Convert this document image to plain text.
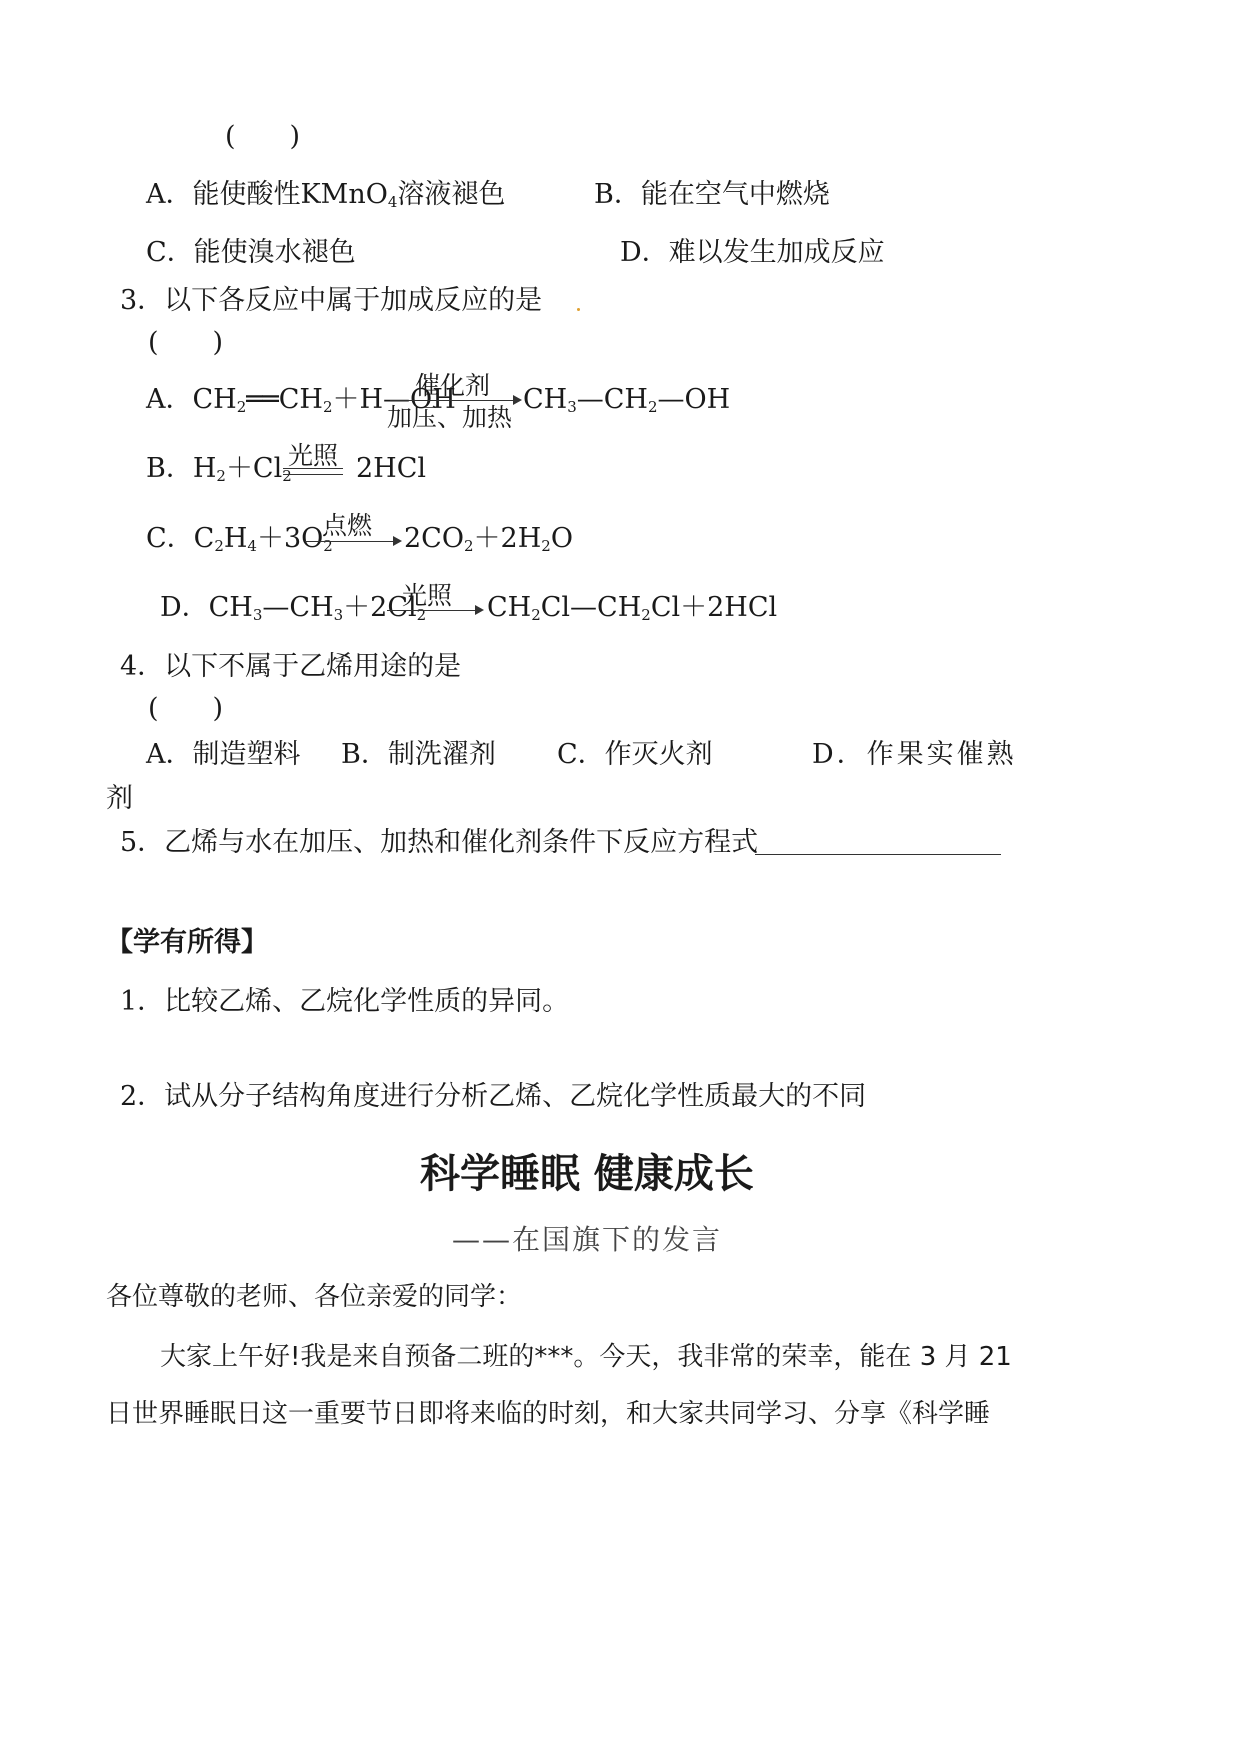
(　　)
A．能使酸性KMnO$_4$溶液褪色	B．能在空气中燃烧
C．能使溴水褪色	D．难以发生加成反应
3．以下各反应中属于加成反应的是
(　　)
A．$CH_2══CH_2+H—OH$
催化剂
加压、加热
$CH_3—CH_2—OH$
B．$H_2+Cl_2$
光照 2HCl
C．$C_2H_4+3O_2$
点燃 $2CO_2+2H_2O$
D．$CH_3—CH_3+2Cl_2$
光照 $CH_2Cl—CH_2Cl+2HCl$
4．以下不属于乙烯用途的是
(　　)
A．制造塑料 B．制洗濯剂 C．作灭火剂	D．作果实催熟
剂
5．乙烯与水在加压、加热和催化剂条件下反应方程式
【学有所得】
1．比较乙烯、乙烷化学性质的异同。
2．试从分子结构角度进行分析乙烯、乙烷化学性质最大的不同
科学睡眠 健康成长
——在国旗下的发言
各位尊敬的老师、各位亲爱的同学：
大家上午好!我是来自预备二班的***。今天，我非常的荣幸，能在 3 月 21
日世界睡眠日这一重要节日即将来临的时刻，和大家共同学习、分享《科学睡
